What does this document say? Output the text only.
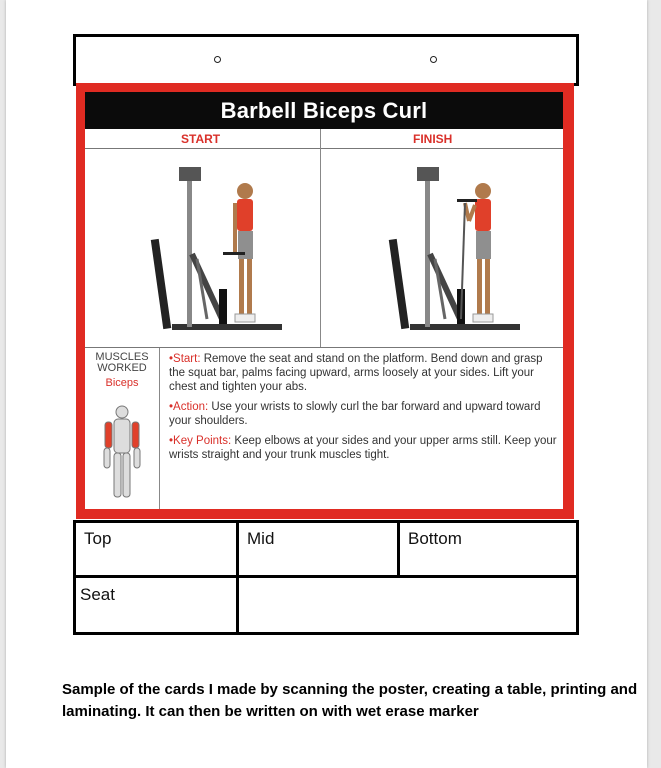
Barbell Biceps Curl
START	FINISH
MUSCLES WORKED
Biceps
•Start: Remove the seat and stand on the platform. Bend down and grasp the squat bar, palms facing upward, arms loosely at your sides. Lift your chest and tighten your abs.
•Action: Use your wrists to slowly curl the bar forward and upward toward your shoulders.
•Key Points: Keep elbows at your sides and your upper arms still. Keep your wrists straight and your trunk muscles tight.
Top	Mid	Bottom
Seat
Sample of the cards I made by scanning the poster, creating a table, printing and laminating. It can then be written on with wet erase marker
